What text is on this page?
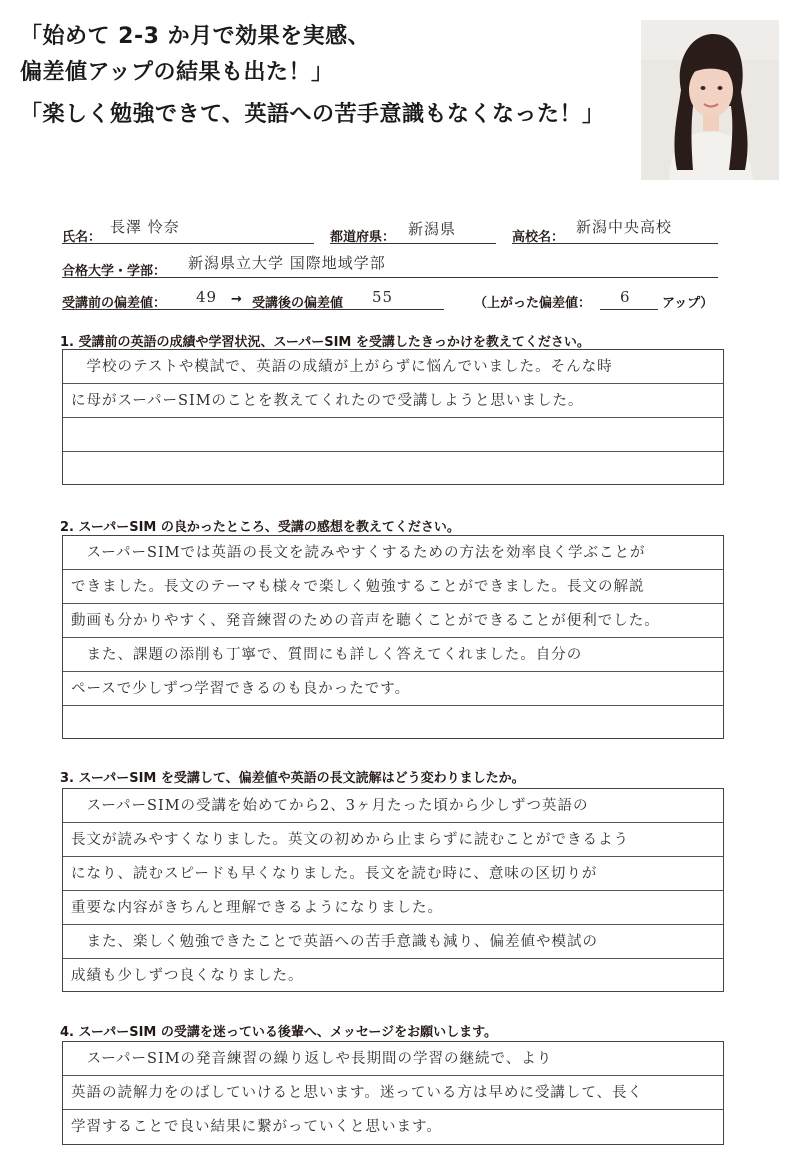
「始めて 2-3 か月で効果を実感、

偏差値アップの結果も出た！」

「楽しく勉強できて、英語への苦手意識もなくなった！」

氏名：
長澤 怜奈
都道府県： 新潟県	高校名：
新潟中央高校
合格大学・学部： 新潟県立大学 国際地域学部
受講前の偏差値： 49 → 受講後の偏差値 55	（上がった偏差値： 6 アップ）

1. 受講前の英語の成績や学習状況、スーパーSIM を受講したきっかけを教えてください。

　学校のテストや模試で、英語の成績が上がらずに悩んでいました。そんな時
に母がスーパーSIMのことを教えてくれたので受講しようと思いました。

2. スーパーSIM の良かったところ、受講の感想を教えてください。

　スーパーSIMでは英語の長文を読みやすくするための方法を効率良く学ぶことが
できました。長文のテーマも様々で楽しく勉強することができました。長文の解説
動画も分かりやすく、発音練習のための音声を聴くことができることが便利でした。
　また、課題の添削も丁寧で、質問にも詳しく答えてくれました。自分の
ペースで少しずつ学習できるのも良かったです。

3. スーパーSIM を受講して、偏差値や英語の長文読解はどう変わりましたか。

　スーパーSIMの受講を始めてから2、3ヶ月たった頃から少しずつ英語の
長文が読みやすくなりました。英文の初めから止まらずに読むことができるよう
になり、読むスピードも早くなりました。長文を読む時に、意味の区切りが
重要な内容がきちんと理解できるようになりました。
　また、楽しく勉強できたことで英語への苦手意識も減り、偏差値や模試の
成績も少しずつ良くなりました。

4. スーパーSIM の受講を迷っている後輩へ、メッセージをお願いします。

　スーパーSIMの発音練習の繰り返しや長期間の学習の継続で、より
英語の読解力をのばしていけると思います。迷っている方は早めに受講して、長く
学習することで良い結果に繋がっていくと思います。
